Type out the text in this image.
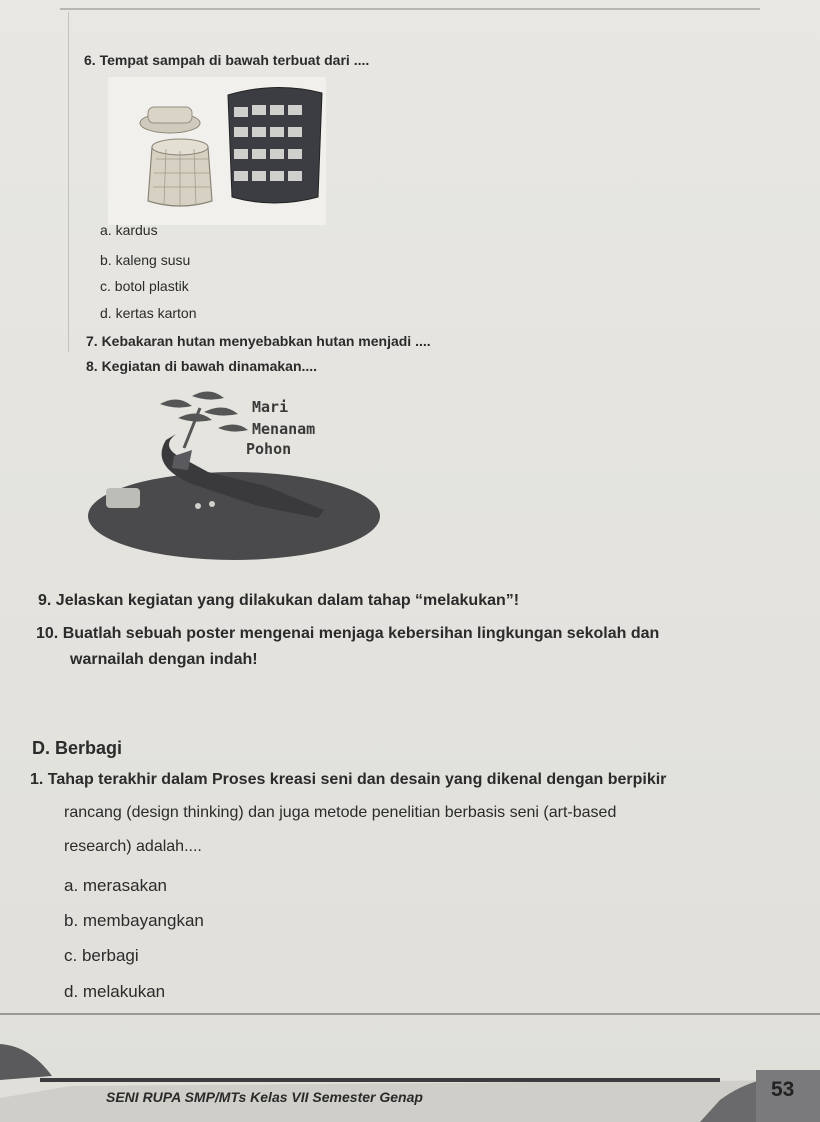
6. Tempat sampah di bawah terbuat dari ....
a. kardus
b. kaleng susu
c. botol plastik
d. kertas karton
7. Kebakaran hutan menyebabkan hutan menjadi ....
8. Kegiatan di bawah dinamakan....
Mari
Menanam
Pohon
9. Jelaskan kegiatan yang dilakukan dalam tahap “melakukan”!
10. Buatlah sebuah poster mengenai menjaga kebersihan lingkungan sekolah dan
warnailah dengan indah!
D. Berbagi
1. Tahap terakhir dalam Proses kreasi seni dan desain yang dikenal dengan berpikir
rancang (design thinking) dan juga metode penelitian berbasis seni (art-based
research) adalah....
a. merasakan
b. membayangkan
c. berbagi
d. melakukan
SENI RUPA SMP/MTs Kelas VII Semester Genap	53
